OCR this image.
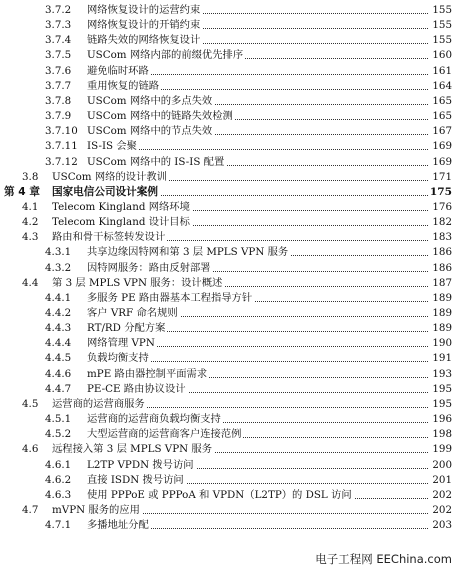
3.7.2 网络恢复设计的运营约束	155
3.7.3 网络恢复设计的开销约束	155
3.7.4 链路失效的网络恢复设计	155
3.7.5 USCom 网络内部的前缀优先排序	160
3.7.6 避免临时环路	161
3.7.7 重用恢复的链路	164
3.7.8 USCom 网络中的多点失效	165
3.7.9 USCom 网络中的链路失效检测	165
3.7.10 USCom 网络中的节点失效	167
3.7.11 IS-IS 会聚	169
3.7.12 USCom 网络中的 IS-IS 配置	169
3.8 USCom 网络的设计教训	171
第 4 章 国家电信公司设计案例	175
4.1 Telecom Kingland 网络环境	176
4.2 Telecom Kingland 设计目标	182
4.3 路由和骨干标签转发设计	183
4.3.1 共享边缘因特网和第 3 层 MPLS VPN 服务	186
4.3.2 因特网服务：路由反射部署	186
4.4 第 3 层 MPLS VPN 服务：设计概述	187
4.4.1 多服务 PE 路由器基本工程指导方针	189
4.4.2 客户 VRF 命名规则	189
4.4.3 RT/RD 分配方案	189
4.4.4 网络管理 VPN	190
4.4.5 负载均衡支持	191
4.4.6 mPE 路由器控制平面需求	193
4.4.7 PE-CE 路由协议设计	195
4.5 运营商的运营商服务	195
4.5.1 运营商的运营商负载均衡支持	196
4.5.2 大型运营商的运营商客户连接范例	198
4.6 远程接入第 3 层 MPLS VPN 服务	199
4.6.1 L2TP VPDN 拨号访问	200
4.6.2 直接 ISDN 拨号访问	201
4.6.3 使用 PPPoE 或 PPPoA 和 VPDN（L2TP）的 DSL 访问	202
4.7 mVPN 服务的应用	202
4.7.1 多播地址分配	203
电子工程网 EEChina.com
